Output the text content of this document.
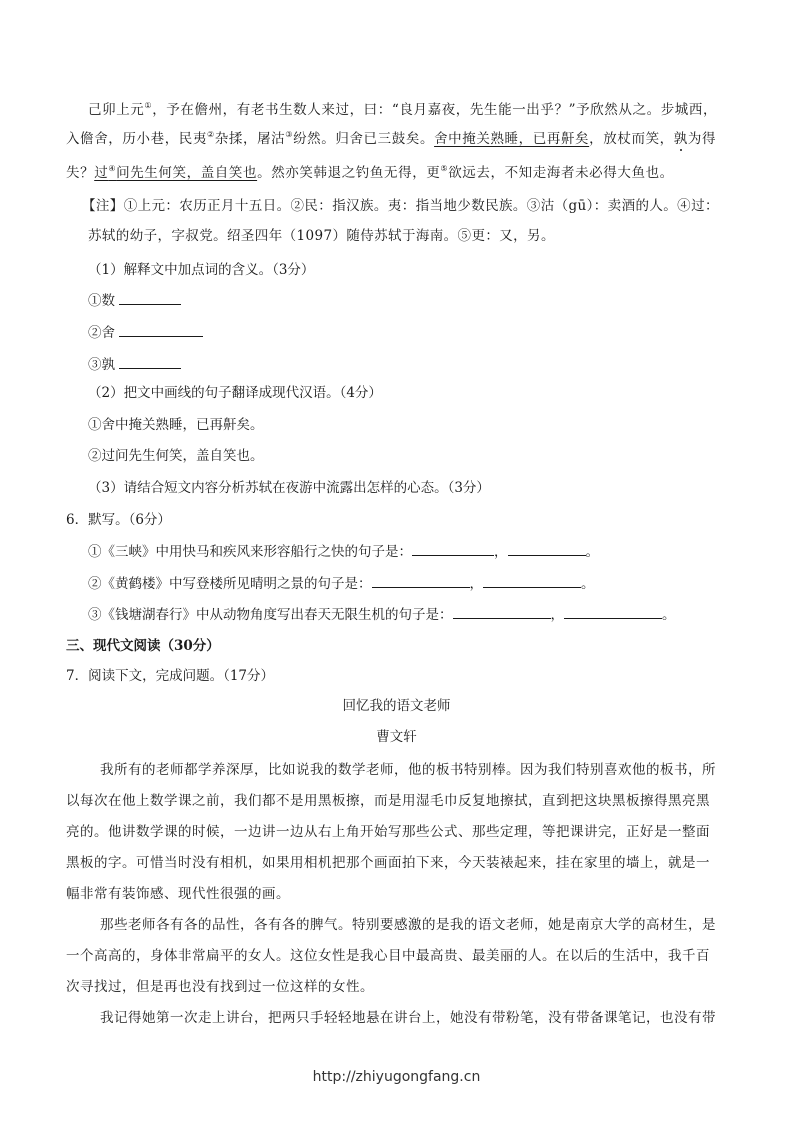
己卯上元①，予在儋州，有老书生数人来过，曰：“良月嘉夜，先生能一出乎？”予欣然从之。步城西，
入儋舍，历小巷，民夷②杂揉，屠沽③纷然。归舍已三鼓矣。舍中掩关熟睡，已再鼾矣，放杖而笑，孰为得
失？过④问先生何笑，盖自笑也。然亦笑韩退之钓鱼无得，更⑤欲远去，不知走海者未必得大鱼也。
【注】①上元：农历正月十五日。②民：指汉族。夷：指当地少数民族。③沽（gū）：卖酒的人。④过：
苏轼的幼子，字叔党。绍圣四年（1097）随侍苏轼于海南。⑤更：又，另。
（1）解释文中加点词的含义。（3分）
①数
②舍
③孰
（2）把文中画线的句子翻译成现代汉语。（4分）
①舍中掩关熟睡，已再鼾矣。
②过问先生何笑，盖自笑也。
（3）请结合短文内容分析苏轼在夜游中流露出怎样的心态。（3分）
6．默写。（6分）
①《三峡》中用快马和疾风来形容船行之快的句子是：	，	。
②《黄鹤楼》中写登楼所见晴明之景的句子是：	，	。
③《钱塘湖春行》中从动物角度写出春天无限生机的句子是：	，	。
三、现代文阅读（30分）
7．阅读下文，完成问题。（17分）
回忆我的语文老师
曹文轩
我所有的老师都学养深厚，比如说我的数学老师，他的板书特别棒。因为我们特别喜欢他的板书，所
以每次在他上数学课之前，我们都不是用黑板擦，而是用湿毛巾反复地擦拭，直到把这块黑板擦得黑亮黑
亮的。他讲数学课的时候，一边讲一边从右上角开始写那些公式、那些定理，等把课讲完，正好是一整面
黑板的字。可惜当时没有相机，如果用相机把那个画面拍下来，今天装裱起来，挂在家里的墙上，就是一
幅非常有装饰感、现代性很强的画。
那些老师各有各的品性，各有各的脾气。特别要感激的是我的语文老师，她是南京大学的高材生，是
一个高高的，身体非常扁平的女人。这位女性是我心目中最高贵、最美丽的人。在以后的生活中，我千百
次寻找过，但是再也没有找到过一位这样的女性。
我记得她第一次走上讲台，把两只手轻轻地悬在讲台上，她没有带粉笔，没有带备课笔记，也没有带
http://zhiyugongfang.cn
